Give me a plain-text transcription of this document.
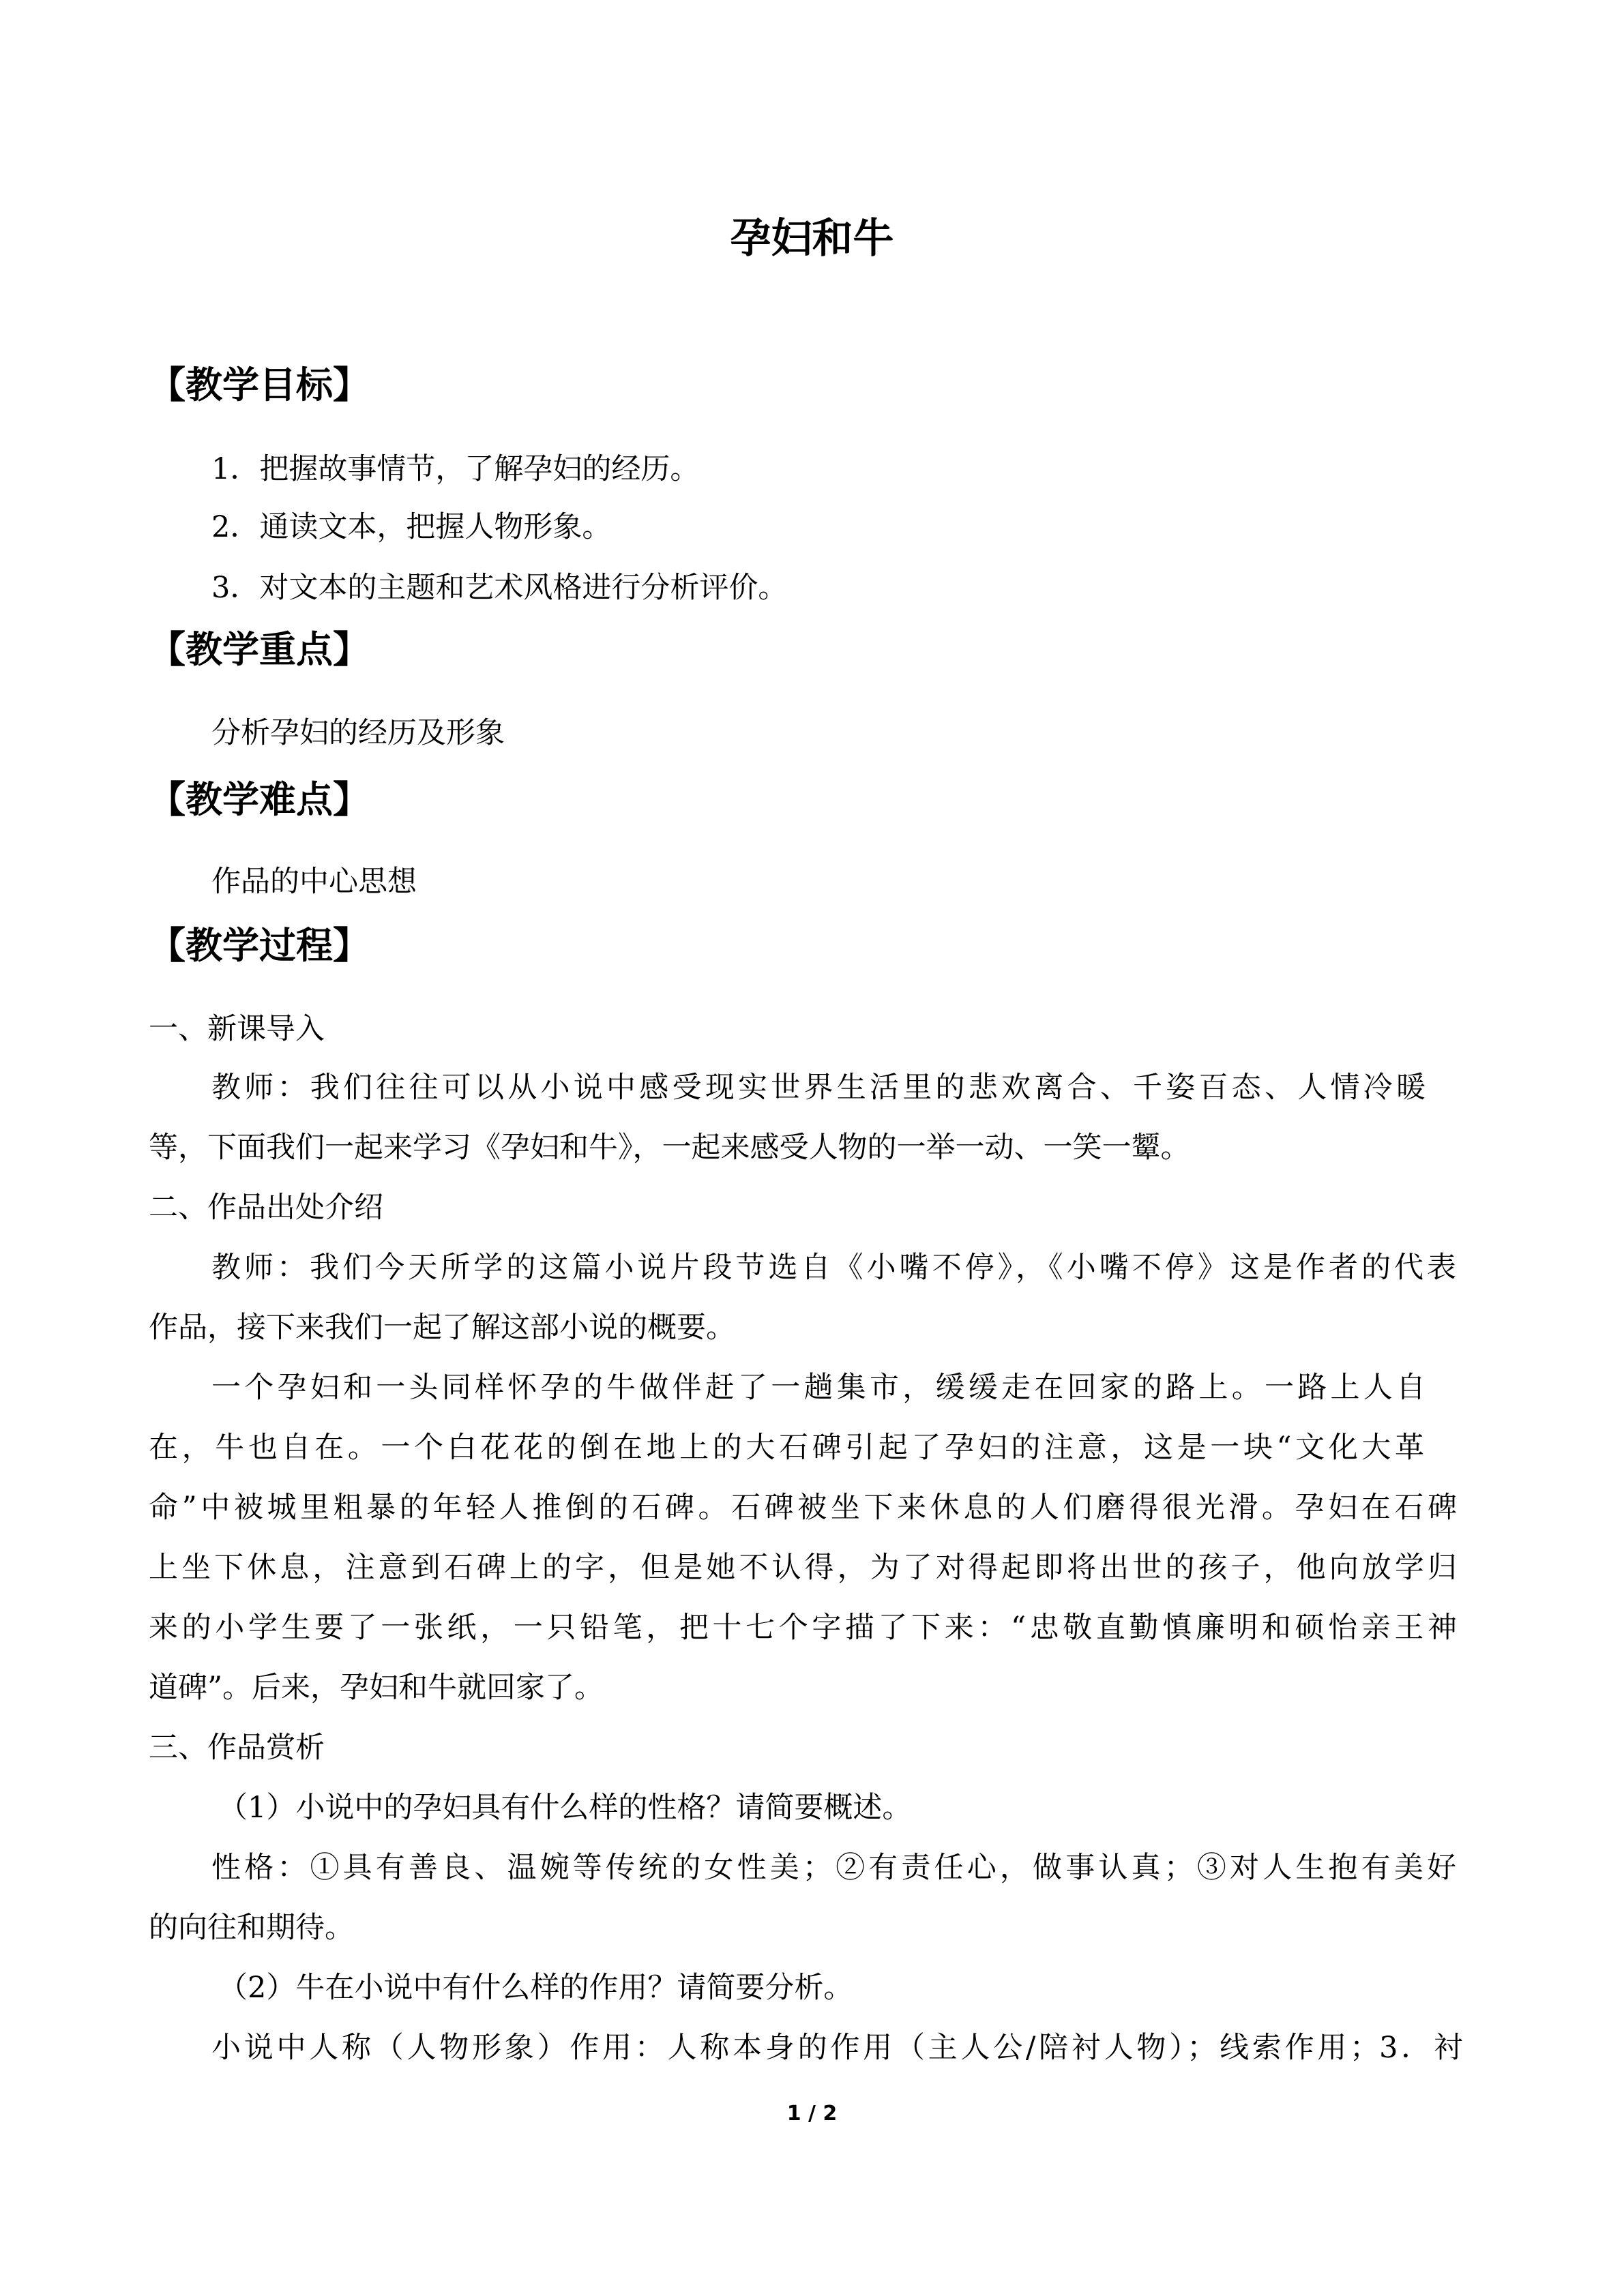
孕妇和牛
【教学目标】
1．把握故事情节，了解孕妇的经历。
2．通读文本，把握人物形象。
3．对文本的主题和艺术风格进行分析评价。
【教学重点】
分析孕妇的经历及形象
【教学难点】
作品的中心思想
【教学过程】
一、新课导入
教师：我们往往可以从小说中感受现实世界生活里的悲欢离合、千姿百态、人情冷暖
等，下面我们一起来学习《孕妇和牛》，一起来感受人物的一举一动、一笑一颦。
二、作品出处介绍
教师：我们今天所学的这篇小说片段节选自《小嘴不停》，《小嘴不停》这是作者的代表
作品，接下来我们一起了解这部小说的概要。
一个孕妇和一头同样怀孕的牛做伴赶了一趟集市，缓缓走在回家的路上。一路上人自
在，牛也自在。一个白花花的倒在地上的大石碑引起了孕妇的注意，这是一块“文化大革
命”中被城里粗暴的年轻人推倒的石碑。石碑被坐下来休息的人们磨得很光滑。孕妇在石碑
上坐下休息，注意到石碑上的字，但是她不认得，为了对得起即将出世的孩子，他向放学归
来的小学生要了一张纸，一只铅笔，把十七个字描了下来：“忠敬直勤慎廉明和硕怡亲王神
道碑”。后来，孕妇和牛就回家了。
三、作品赏析
（1）小说中的孕妇具有什么样的性格？请简要概述。
性格：①具有善良、温婉等传统的女性美；②有责任心，做事认真；③对人生抱有美好
的向往和期待。
（2）牛在小说中有什么样的作用？请简要分析。
小说中人称（人物形象）作用：人称本身的作用（主人公/陪衬人物）；线索作用；3．衬
1 / 2
